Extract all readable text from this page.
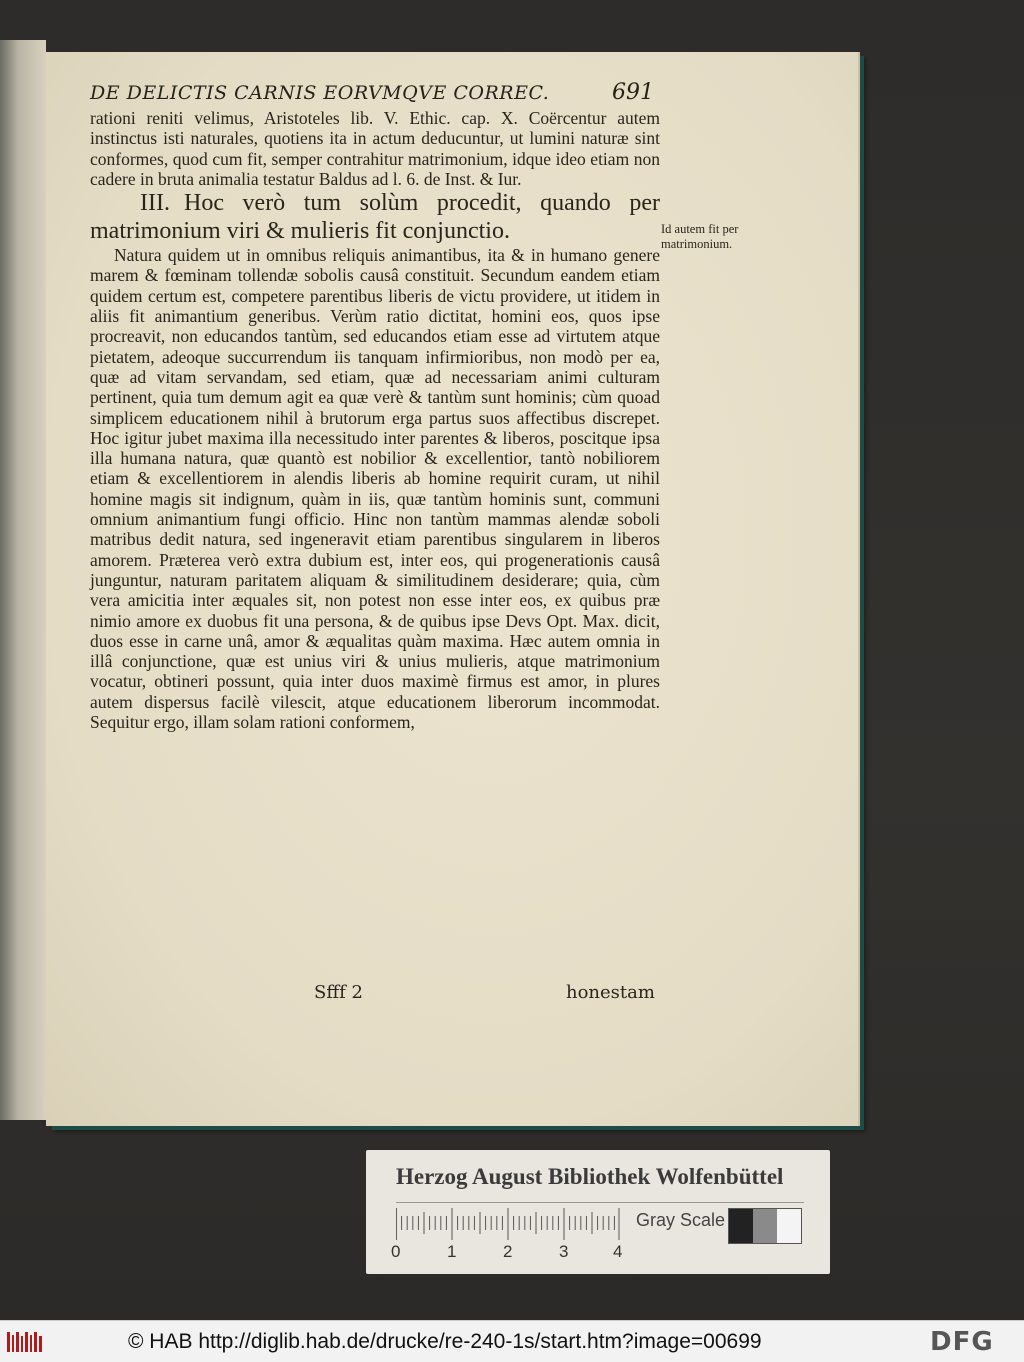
DE DELICTIS CARNIS EORVMQVE CORREC.	691

rationi reniti velimus, Aristoteles lib. V. Ethic. cap. X. Coërcentur autem instinctus isti naturales, quotiens ita in actum deducuntur, ut lumini naturæ sint conformes, quod cum fit, semper contrahitur matrimonium, idque ideo etiam non cadere in bruta animalia testatur Baldus ad l. 6. de Inst. & Iur.

III. Hoc verò tum solùm procedit, quando per matrimonium viri & mulieris fit conjunctio.

Natura quidem ut in omnibus reliquis animantibus, ita & in humano genere marem & fœminam tollendæ sobolis causâ constituit. Secundum eandem etiam quidem certum est, competere parentibus liberis de victu providere, ut itidem in aliis fit animantium generibus. Verùm ratio dictitat, homini eos, quos ipse procreavit, non educandos tantùm, sed educandos etiam esse ad virtutem atque pietatem, adeoque succurrendum iis tanquam infirmioribus, non modò per ea, quæ ad vitam servandam, sed etiam, quæ ad necessariam animi culturam pertinent, quia tum demum agit ea quæ verè & tantùm sunt hominis; cùm quoad simplicem educationem nihil à brutorum erga partus suos affectibus discrepet. Hoc igitur jubet maxima illa necessitudo inter parentes & liberos, poscitque ipsa illa humana natura, quæ quantò est nobilior & excellentior, tantò nobiliorem etiam & excellentiorem in alendis liberis ab homine requirit curam, ut nihil homine magis sit indignum, quàm in iis, quæ tantùm hominis sunt, communi omnium animantium fungi officio. Hinc non tantùm mammas alendæ soboli matribus dedit natura, sed ingeneravit etiam parentibus singularem in liberos amorem. Præterea verò extra dubium est, inter eos, qui progenerationis causâ junguntur, naturam paritatem aliquam & similitudinem desiderare; quia, cùm vera amicitia inter æquales sit, non potest non esse inter eos, ex quibus præ nimio amore ex duobus fit una persona, & de quibus ipse Devs Opt. Max. dicit, duos esse in carne unâ, amor & æqualitas quàm maxima. Hæc autem omnia in illâ conjunctione, quæ est unius viri & unius mulieris, atque matrimonium vocatur, obtineri possunt, quia inter duos maximè firmus est amor, in plures autem dispersus facilè vilescit, atque educationem liberorum incommodat. Sequitur ergo, illam solam rationi conformem,

Id autem fit per matrimonium.
Sfff 2	honestam
Herzog August Bibliothek Wolfenbüttel
0	1	2	3	4
Gray Scale
© HAB http://diglib.hab.de/drucke/re-240-1s/start.htm?image=00699	DFG
